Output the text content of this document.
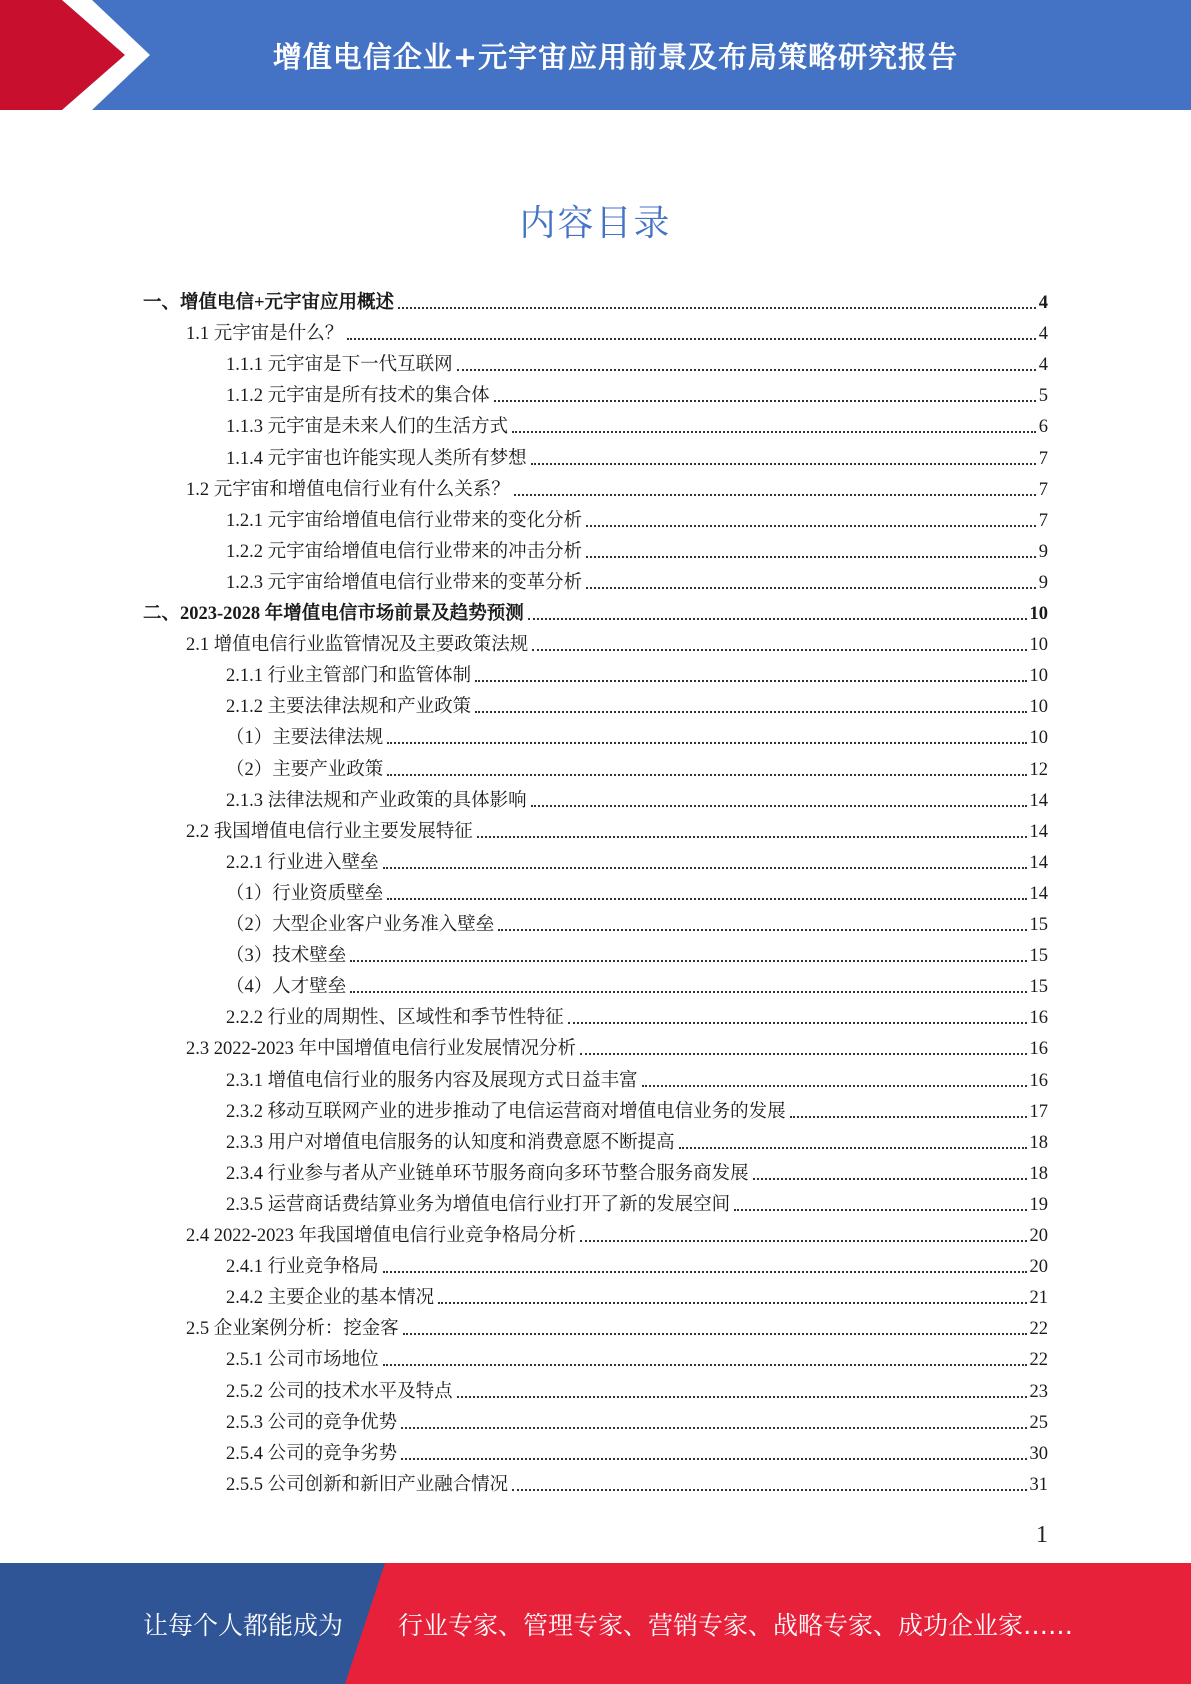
增值电信企业+元宇宙应用前景及布局策略研究报告
内容目录
一、增值电信+元宇宙应用概述	4
1.1 元宇宙是什么？	4
1.1.1 元宇宙是下一代互联网	4
1.1.2 元宇宙是所有技术的集合体	5
1.1.3 元宇宙是未来人们的生活方式	6
1.1.4 元宇宙也许能实现人类所有梦想	7
1.2 元宇宙和增值电信行业有什么关系？	7
1.2.1 元宇宙给增值电信行业带来的变化分析	7
1.2.2 元宇宙给增值电信行业带来的冲击分析	9
1.2.3 元宇宙给增值电信行业带来的变革分析	9
二、2023-2028 年增值电信市场前景及趋势预测	10
2.1 增值电信行业监管情况及主要政策法规	10
2.1.1 行业主管部门和监管体制	10
2.1.2 主要法律法规和产业政策	10
（1）主要法律法规	10
（2）主要产业政策	12
2.1.3 法律法规和产业政策的具体影响	14
2.2 我国增值电信行业主要发展特征	14
2.2.1 行业进入壁垒	14
（1）行业资质壁垒	14
（2）大型企业客户业务准入壁垒	15
（3）技术壁垒	15
（4）人才壁垒	15
2.2.2 行业的周期性、区域性和季节性特征	16
2.3 2022-2023 年中国增值电信行业发展情况分析	16
2.3.1 增值电信行业的服务内容及展现方式日益丰富	16
2.3.2 移动互联网产业的进步推动了电信运营商对增值电信业务的发展	17
2.3.3 用户对增值电信服务的认知度和消费意愿不断提高	18
2.3.4 行业参与者从产业链单环节服务商向多环节整合服务商发展	18
2.3.5 运营商话费结算业务为增值电信行业打开了新的发展空间	19
2.4 2022-2023 年我国增值电信行业竞争格局分析	20
2.4.1 行业竞争格局	20
2.4.2 主要企业的基本情况	21
2.5 企业案例分析：挖金客	22
2.5.1 公司市场地位	22
2.5.2 公司的技术水平及特点	23
2.5.3 公司的竞争优势	25
2.5.4 公司的竞争劣势	30
2.5.5 公司创新和新旧产业融合情况	31
1
让每个人都能成为 行业专家、管理专家、营销专家、战略专家、成功企业家……
